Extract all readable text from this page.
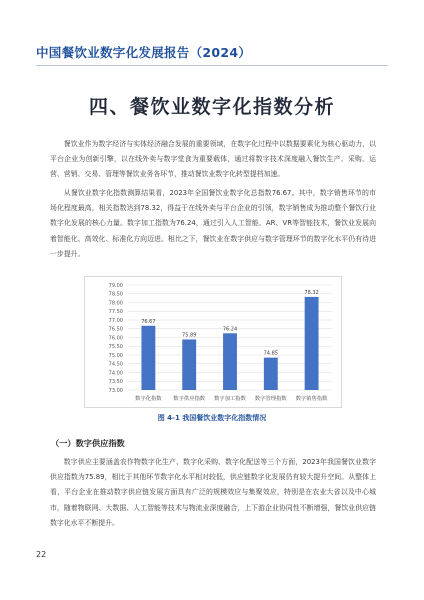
中国餐饮业数字化发展报告（2024）
四、餐饮业数字化指数分析

餐饮业作为数字经济与实体经济融合发展的重要领域，在数字化过程中以数据要素化为核心驱动力，以平台企业为创新引擎，以在线外卖与数字堂食为重要载体，通过将数字技术深度融入餐饮生产、采购、运营、营销、交易、管理等餐饮业务各环节，推动餐饮业数字化转型提档加速。

从餐饮业数字化指数测算结果看，2023年全国餐饮业数字化总指数76.67。其中，数字销售环节的市场化程度最高，相关指数达到78.32，得益于在线外卖与平台企业的引领，数字销售成为推动整个餐饮行业数字化发展的核心力量。数字加工指数为76.24，通过引入人工智能、AR、VR等智能技术，餐饮业发展向着智能化、高效化、标准化方向迈进。相比之下，餐饮业在数字供应与数字管理环节的数字化水平仍有待进一步提升。

73.00
73.50
74.00
74.50
75.00
75.50
76.00
76.50
77.00
77.50
78.00
78.50
79.00
76.67
75.89
76.24
74.85
78.32
数字化指数 数字供应指数 数字加工指数 数字管理指数 数字销售指数
图 4-1 我国餐饮业数字化指数情况
（一）数字供应指数

数字供应主要涵盖农作物数字化生产、数字化采购、数字化配送等三个方面，2023年我国餐饮业数字供应指数为75.89，相比于其他环节数字化水平相对较低，供应链数字化发展仍有较大提升空间。从整体上看，平台企业在推动数字供应链发展方面具有广泛的规模效应与集聚效应，特别是在农业大省以及中心城市，随着物联网、大数据、人工智能等技术与物流业深度融合，上下游企业协同性不断增强，餐饮业供应链数字化水平不断提升。

22
